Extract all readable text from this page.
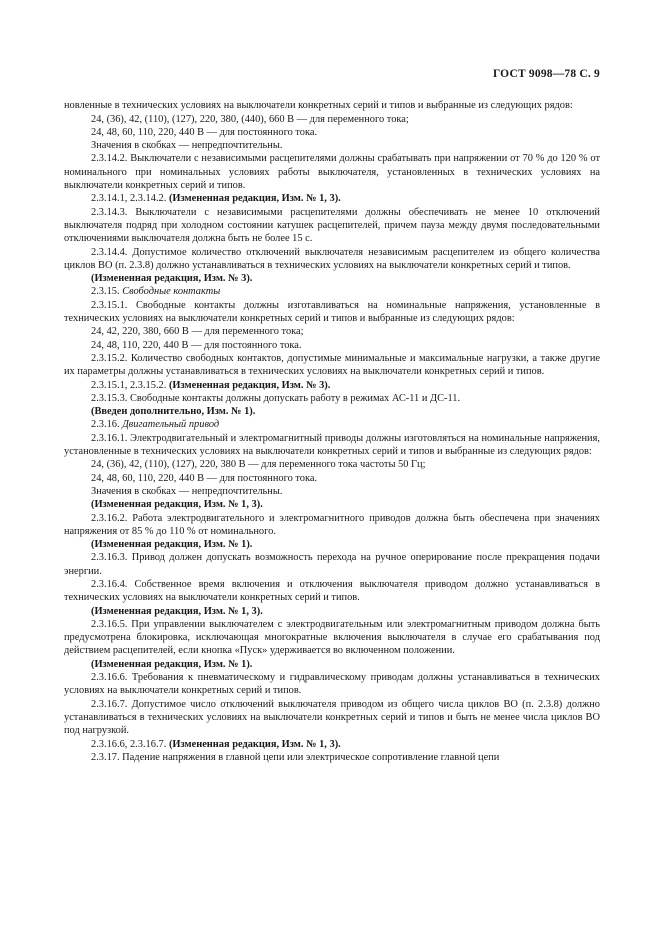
ГОСТ 9098—78 С. 9

новленные в технических условиях на выключатели конкретных серий и типов и выбранные из следующих рядов:

24, (36), 42, (110), (127), 220, 380, (440), 660 В — для переменного тока;

24, 48, 60, 110, 220, 440 В — для постоянного тока.

Значения в скобках — непредпочтительны.

2.3.14.2. Выключатели с независимыми расцепителями должны срабатывать при напряжении от 70 % до 120 % от номинального при номинальных условиях работы выключателя, установленных в технических условиях на выключатели конкретных серий и типов.

2.3.14.1, 2.3.14.2. (Измененная редакция, Изм. № 1, 3).

2.3.14.3. Выключатели с независимыми расцепителями должны обеспечивать не менее 10 отключений выключателя подряд при холодном состоянии катушек расцепителей, причем пауза между двумя последовательными отключениями выключателя должна быть не более 15 с.

2.3.14.4. Допустимое количество отключений выключателя независимым расцепителем из общего количества циклов ВО (п. 2.3.8) должно устанавливаться в технических условиях на выключатели конкретных серий и типов.

(Измененная редакция, Изм. № 3).

2.3.15. Свободные контакты

2.3.15.1. Свободные контакты должны изготавливаться на номинальные напряжения, установленные в технических условиях на выключатели конкретных серий и типов и выбранные из следующих рядов:

24, 42, 220, 380, 660 В — для переменного тока;

24, 48, 110, 220, 440 В — для постоянного тока.

2.3.15.2. Количество свободных контактов, допустимые минимальные и максимальные нагрузки, а также другие их параметры должны устанавливаться в технических условиях на выключатели конкретных серий и типов.

2.3.15.1, 2.3.15.2. (Измененная редакция, Изм. № 3).

2.3.15.3. Свободные контакты должны допускать работу в режимах АС-11 и ДС-11.

(Введен дополнительно, Изм. № 1).

2.3.16. Двигательный привод

2.3.16.1. Электродвигательный и электромагнитный приводы должны изготовляться на номинальные напряжения, установленные в технических условиях на выключатели конкретных серий и типов и выбранные из следующих рядов:

24, (36), 42, (110), (127), 220, 380 В — для переменного тока частоты 50 Гц;

24, 48, 60, 110, 220, 440 В — для постоянного тока.

Значения в скобках — непредпочтительны.

(Измененная редакция, Изм. № 1, 3).

2.3.16.2. Работа электродвигательного и электромагнитного приводов должна быть обеспечена при значениях напряжения от 85 % до 110 % от номинального.

(Измененная редакция, Изм. № 1).

2.3.16.3. Привод должен допускать возможность перехода на ручное оперирование после прекращения подачи энергии.

2.3.16.4. Собственное время включения и отключения выключателя приводом должно устанавливаться в технических условиях на выключатели конкретных серий и типов.

(Измененная редакция, Изм. № 1, 3).

2.3.16.5. При управлении выключателем с электродвигательным или электромагнитным приводом должна быть предусмотрена блокировка, исключающая многократные включения выключателя в случае его срабатывания под действием расцепителей, если кнопка «Пуск» удерживается во включенном положении.

(Измененная редакция, Изм. № 1).

2.3.16.6. Требования к пневматическому и гидравлическому приводам должны устанавливаться в технических условиях на выключатели конкретных серий и типов.

2.3.16.7. Допустимое число отключений выключателя приводом из общего числа циклов ВО (п. 2.3.8) должно устанавливаться в технических условиях на выключатели конкретных серий и типов и быть не менее числа циклов ВО под нагрузкой.

2.3.16.6, 2.3.16.7. (Измененная редакция, Изм. № 1, 3).

2.3.17. Падение напряжения в главной цепи или электрическое сопротивление главной цепи
